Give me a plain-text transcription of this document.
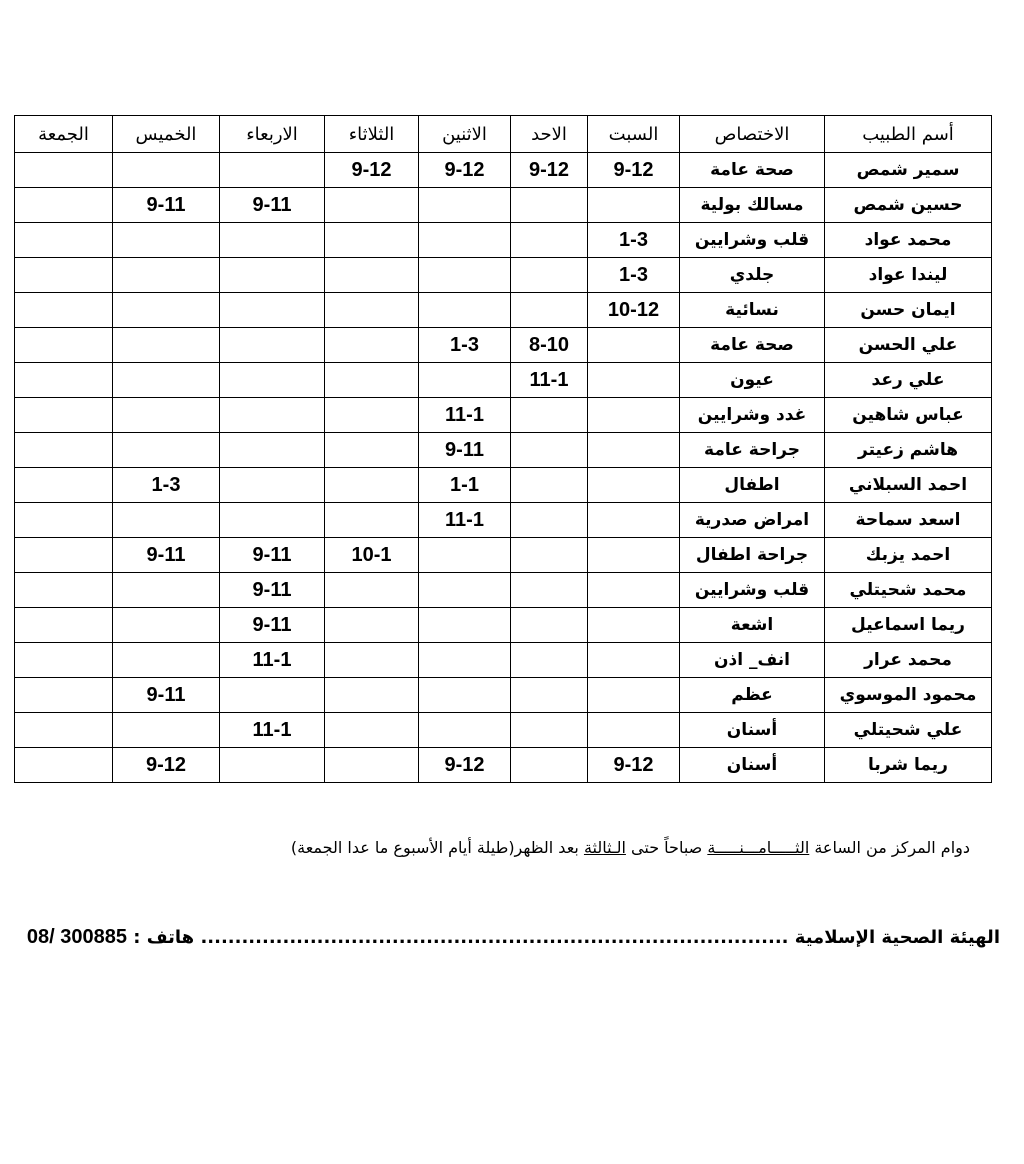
أسم الطبيب	الاختصاص	السبت	الاحد	الاثنين	الثلاثاء	الاربعاء	الخميس	الجمعة
سمير شمص	صحة عامة	9-12	9-12	9-12	9-12			
حسين شمص	مسالك بولية					9-11	9-11	
محمد عواد	قلب وشرايين	1-3						
ليندا عواد	جلدي	1-3						
ايمان حسن	نسائية	10-12						
علي الحسن	صحة عامة		8-10	1-3				
علي رعد	عيون		11-1					
عباس شاهين	غدد وشرايين			11-1				
هاشم زعيتر	جراحة عامة			9-11				
احمد السبلاني	اطفال			1-1			1-3	
اسعد سماحة	امراض صدرية			11-1				
احمد يزبك	جراحة اطفال				10-1	9-11	9-11	
محمد شحيتلي	قلب وشرايين					9-11		
ريما اسماعيل	اشعة					9-11		
محمد عرار	انف_ اذن					11-1		
محمود الموسوي	عظم						9-11	
علي شحيتلي	أسنان					11-1		
ريما شربا	أسنان	9-12		9-12			9-12	
دوام المركز من الساعة الثـــــامـــنـــــة صباحاً حتى الـثالثة بعد الظهر(طيلة أيام الأسبوع ما عدا الجمعة)
الهيئة الصحية الإسلامية ...................................................................................... هاتف : 08/ 300885
